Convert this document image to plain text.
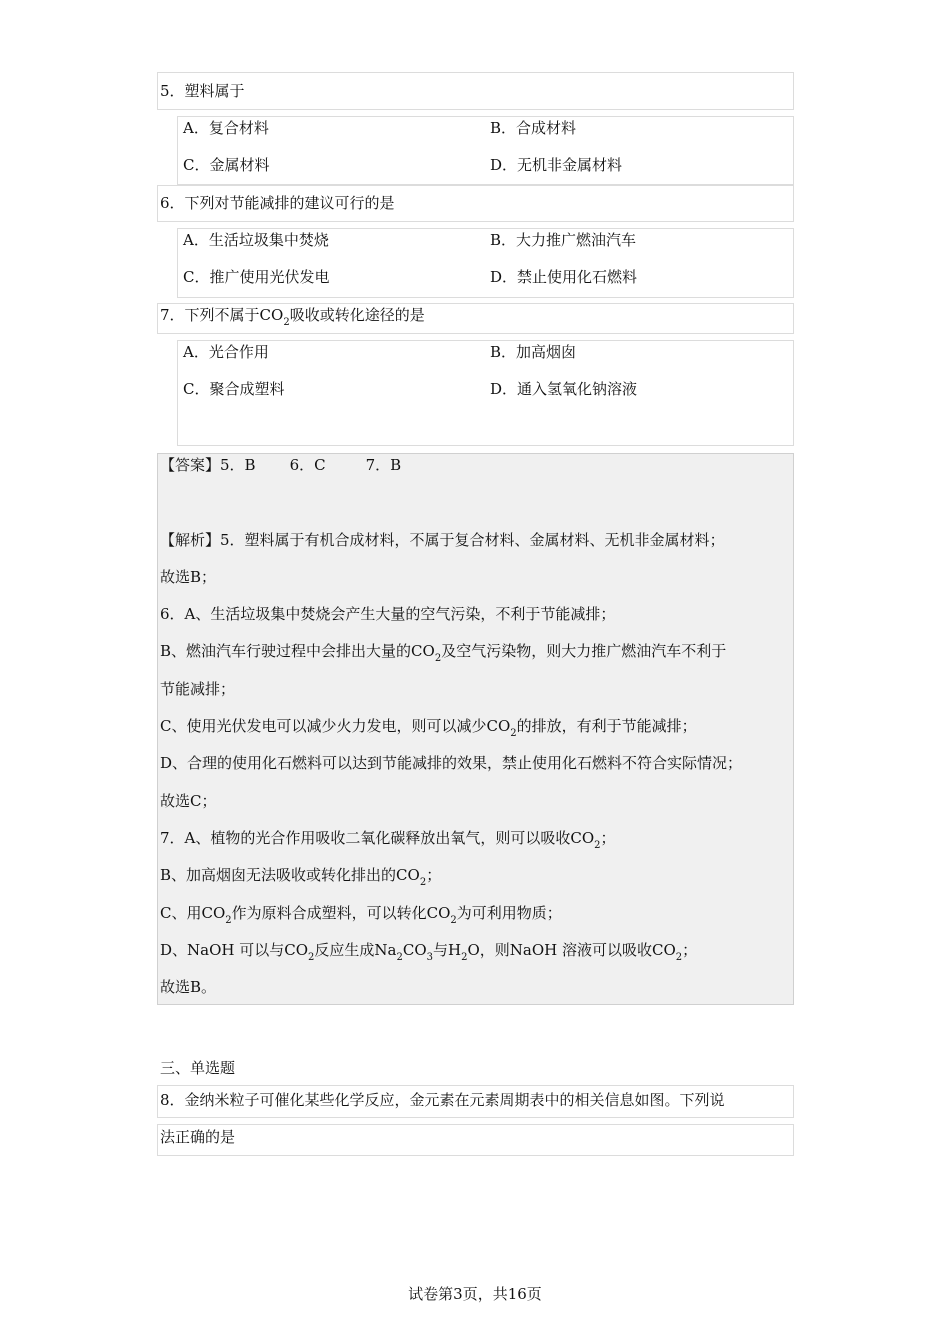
5．塑料属于
A．复合材料	B．合成材料
C．金属材料	D．无机非金属材料
6．下列对节能减排的建议可行的是
A．生活垃圾集中焚烧	B．大力推广燃油汽车
C．推广使用光伏发电	D．禁止使用化石燃料
7．下列不属于$CO_2$吸收或转化途径的是
A．光合作用	B．加高烟囱
C．聚合成塑料	D．通入氢氧化钠溶液
【答案】5．B 6．C	7．B
【解析】5．塑料属于有机合成材料，不属于复合材料、金属材料、无机非金属材料；
故选B；
6．A、生活垃圾集中焚烧会产生大量的空气污染，不利于节能减排；
B、燃油汽车行驶过程中会排出大量的$CO_2$及空气污染物，则大力推广燃油汽车不利于
节能减排；
C、使用光伏发电可以减少火力发电，则可以减少$CO_2$的排放，有利于节能减排；
D、合理的使用化石燃料可以达到节能减排的效果，禁止使用化石燃料不符合实际情况；
故选C；
7．A、植物的光合作用吸收二氧化碳释放出氧气，则可以吸收$CO_2$；
B、加高烟囱无法吸收或转化排出的$CO_2$；
C、用$CO_2$作为原料合成塑料，可以转化$CO_2$为可利用物质；
D、NaOH 可以与$CO_2$反应生成$Na_2CO_3$与$H_2O$，则NaOH 溶液可以吸收$CO_2$；
故选B。
三、单选题
8．金纳米粒子可催化某些化学反应，金元素在元素周期表中的相关信息如图。下列说
法正确的是
试卷第3页，共16页
